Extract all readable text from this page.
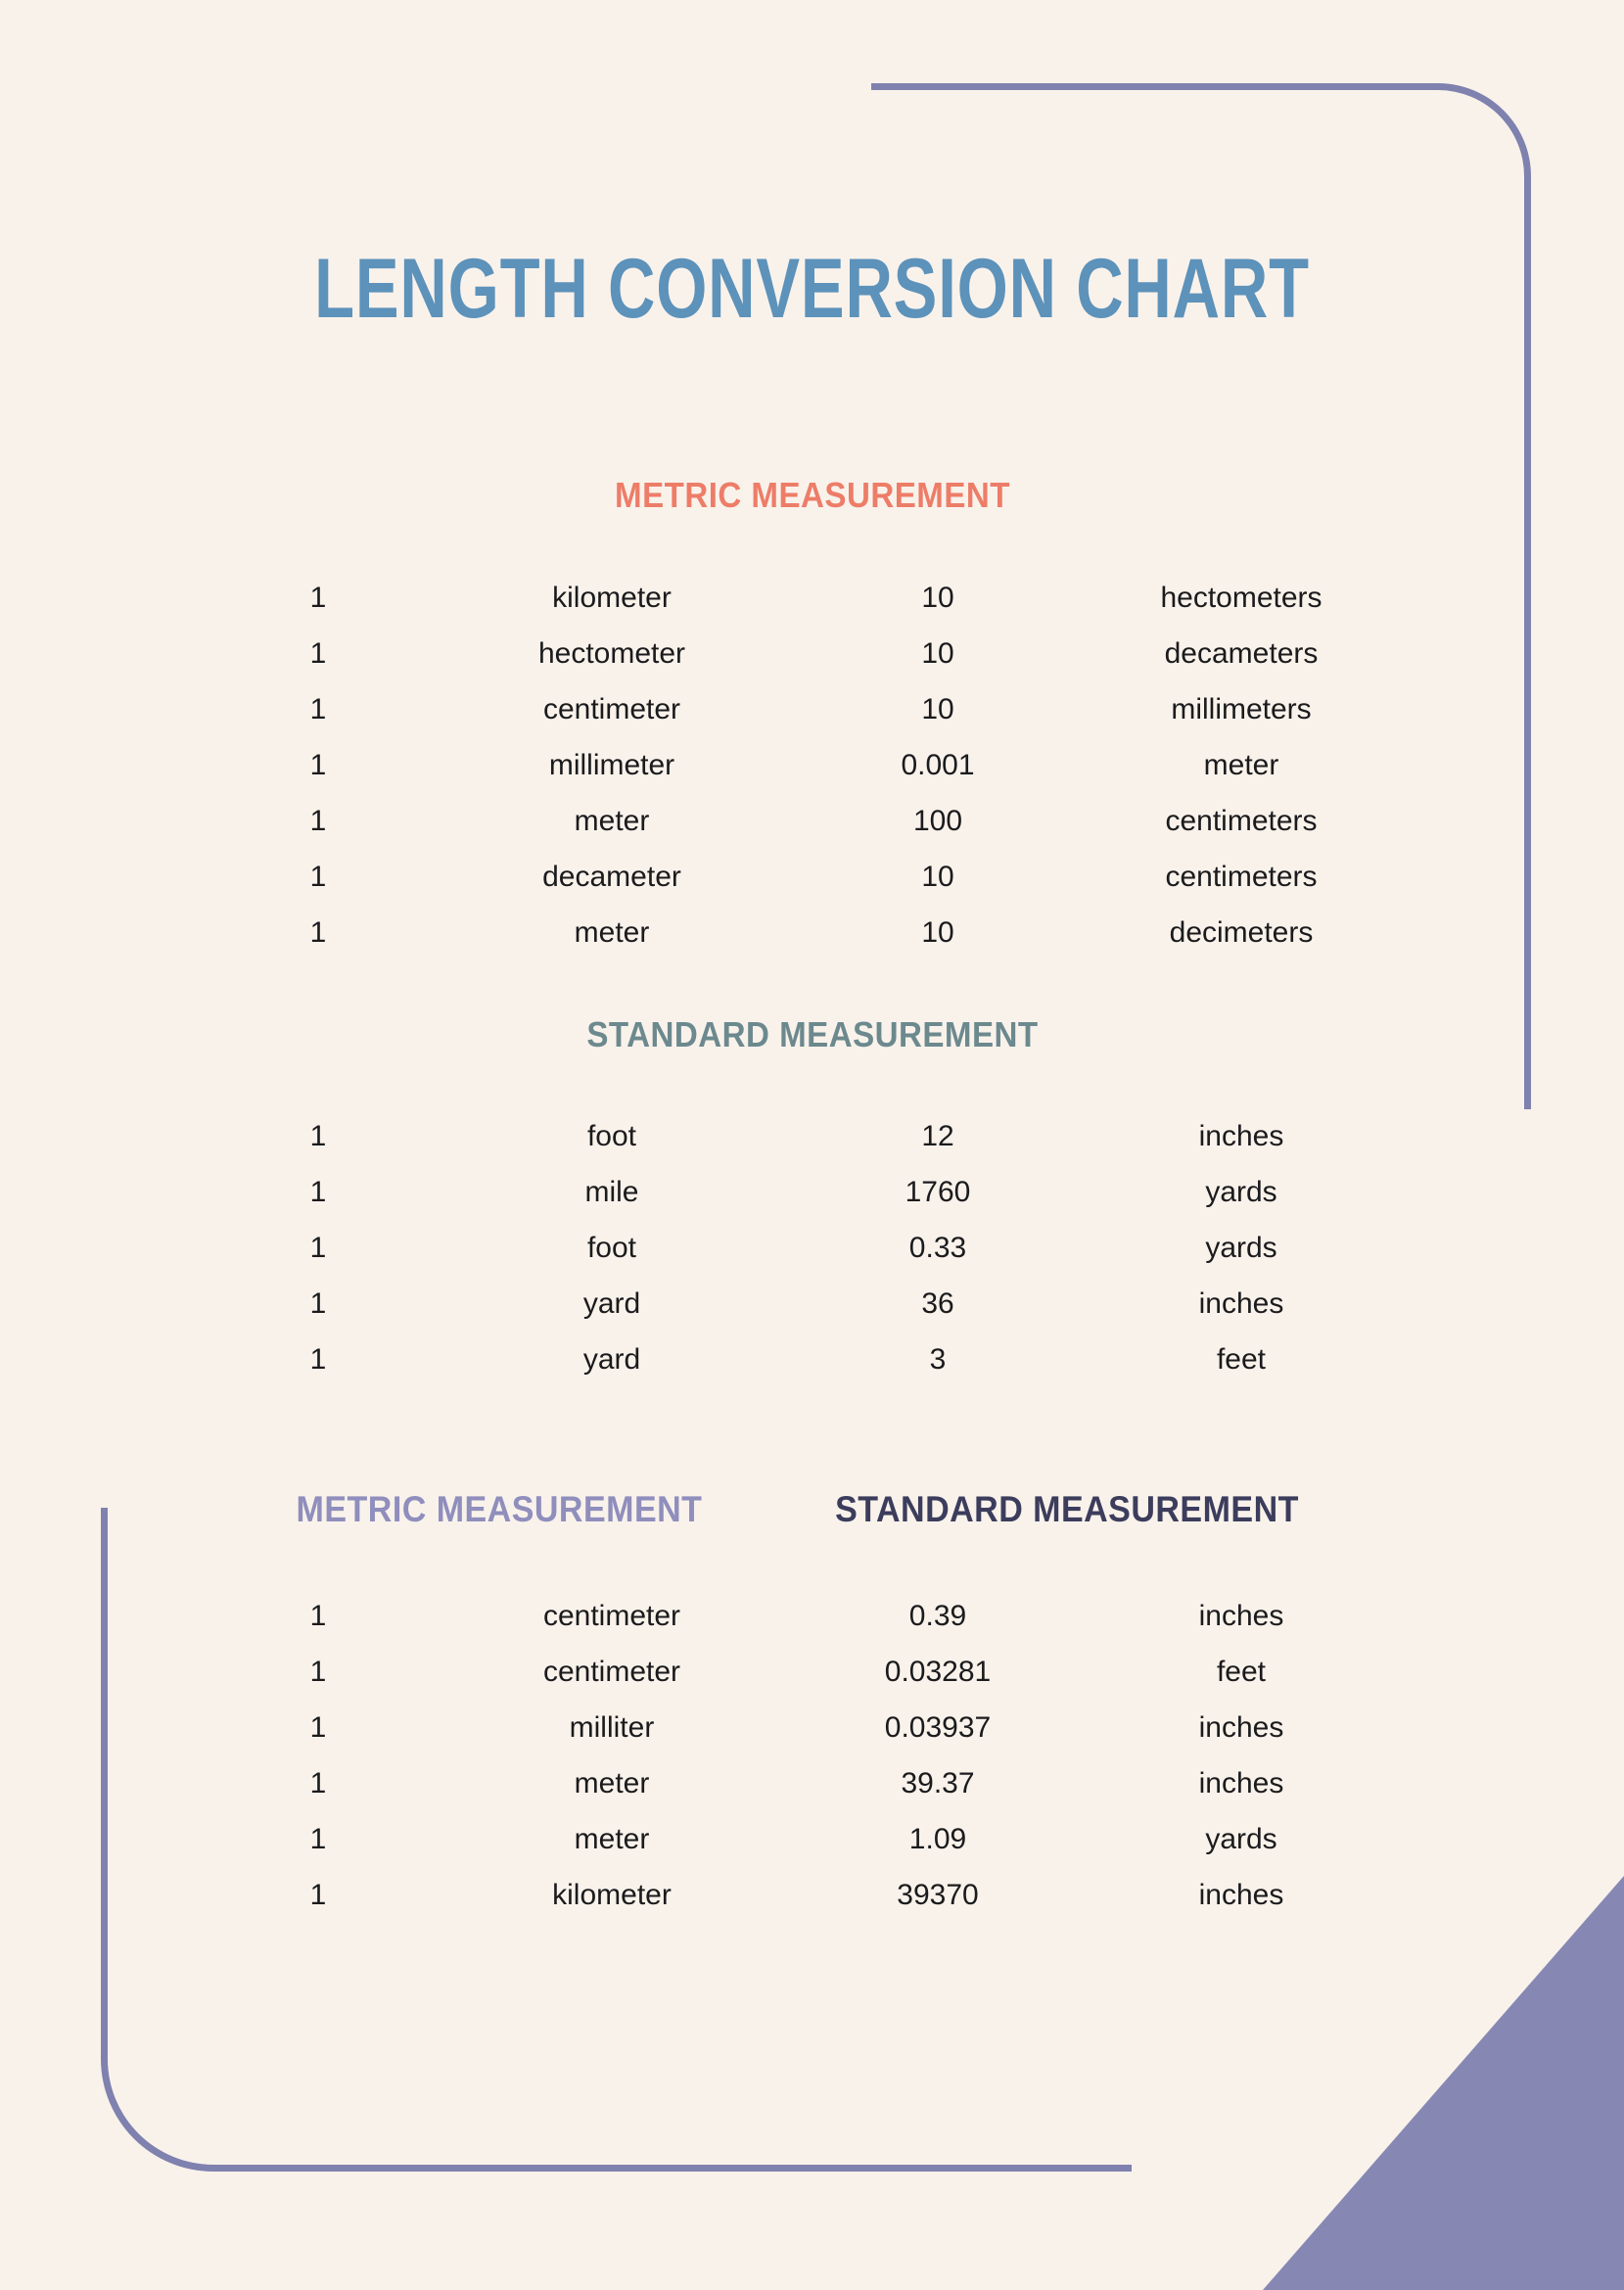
LENGTH CONVERSION CHART
METRIC MEASUREMENT
1	kilometer	10	hectometers
1	hectometer	10	decameters
1	centimeter	10	millimeters
1	millimeter	0.001	meter
1	meter	100	centimeters
1	decameter	10	centimeters
1	meter	10	decimeters
STANDARD MEASUREMENT
1	foot	12	inches
1	mile	1760	yards
1	foot	0.33	yards
1	yard	36	inches
1	yard	3	feet
METRIC MEASUREMENT	STANDARD MEASUREMENT
1	centimeter	0.39	inches
1	centimeter	0.03281	feet
1	milliter	0.03937	inches
1	meter	39.37	inches
1	meter	1.09	yards
1	kilometer	39370	inches
